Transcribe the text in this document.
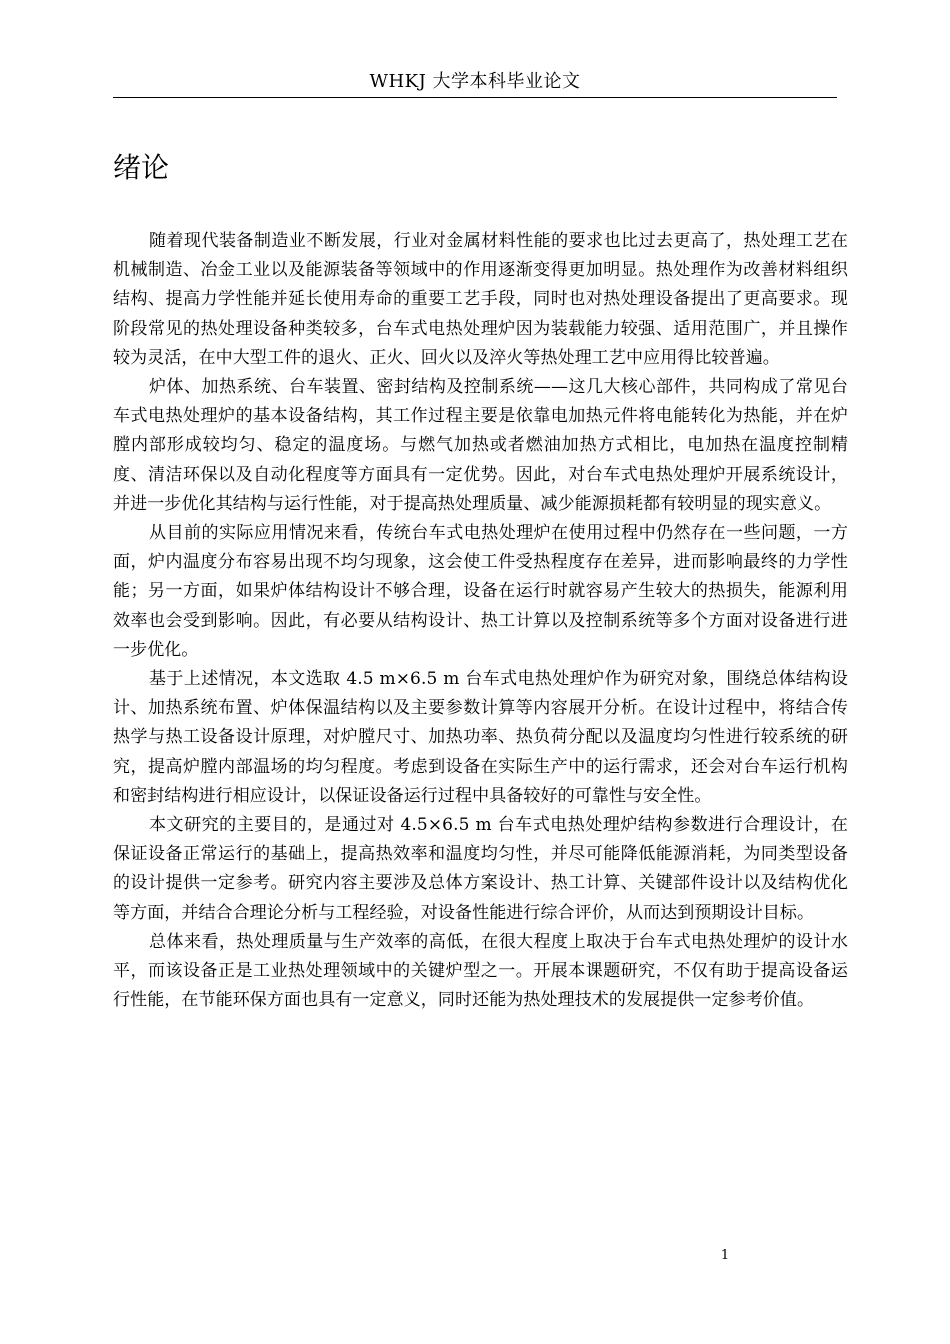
WHKJ 大学本科毕业论文
绪论

随着现代装备制造业不断发展，行业对金属材料性能的要求也比过去更高了，热处理工艺在机械制造、冶金工业以及能源装备等领域中的作用逐渐变得更加明显。热处理作为改善材料组织结构、提高力学性能并延长使用寿命的重要工艺手段，同时也对热处理设备提出了更高要求。现阶段常见的热处理设备种类较多，台车式电热处理炉因为装载能力较强、适用范围广，并且操作较为灵活，在中大型工件的退火、正火、回火以及淬火等热处理工艺中应用得比较普遍。

炉体、加热系统、台车装置、密封结构及控制系统——这几大核心部件，共同构成了常见台车式电热处理炉的基本设备结构，其工作过程主要是依靠电加热元件将电能转化为热能，并在炉膛内部形成较均匀、稳定的温度场。与燃气加热或者燃油加热方式相比，电加热在温度控制精度、清洁环保以及自动化程度等方面具有一定优势。因此，对台车式电热处理炉开展系统设计，并进一步优化其结构与运行性能，对于提高热处理质量、减少能源损耗都有较明显的现实意义。

从目前的实际应用情况来看，传统台车式电热处理炉在使用过程中仍然存在一些问题，一方面，炉内温度分布容易出现不均匀现象，这会使工件受热程度存在差异，进而影响最终的力学性能；另一方面，如果炉体结构设计不够合理，设备在运行时就容易产生较大的热损失，能源利用效率也会受到影响。因此，有必要从结构设计、热工计算以及控制系统等多个方面对设备进行进一步优化。

基于上述情况，本文选取 4.5 m×6.5 m 台车式电热处理炉作为研究对象，围绕总体结构设计、加热系统布置、炉体保温结构以及主要参数计算等内容展开分析。在设计过程中，将结合传热学与热工设备设计原理，对炉膛尺寸、加热功率、热负荷分配以及温度均匀性进行较系统的研究，提高炉膛内部温场的均匀程度。考虑到设备在实际生产中的运行需求，还会对台车运行机构和密封结构进行相应设计，以保证设备运行过程中具备较好的可靠性与安全性。

本文研究的主要目的，是通过对 4.5×6.5 m 台车式电热处理炉结构参数进行合理设计，在保证设备正常运行的基础上，提高热效率和温度均匀性，并尽可能降低能源消耗，为同类型设备的设计提供一定参考。研究内容主要涉及总体方案设计、热工计算、关键部件设计以及结构优化等方面，并结合合理论分析与工程经验，对设备性能进行综合评价，从而达到预期设计目标。

总体来看，热处理质量与生产效率的高低，在很大程度上取决于台车式电热处理炉的设计水平，而该设备正是工业热处理领域中的关键炉型之一。开展本课题研究，不仅有助于提高设备运行性能，在节能环保方面也具有一定意义，同时还能为热处理技术的发展提供一定参考价值。

1
